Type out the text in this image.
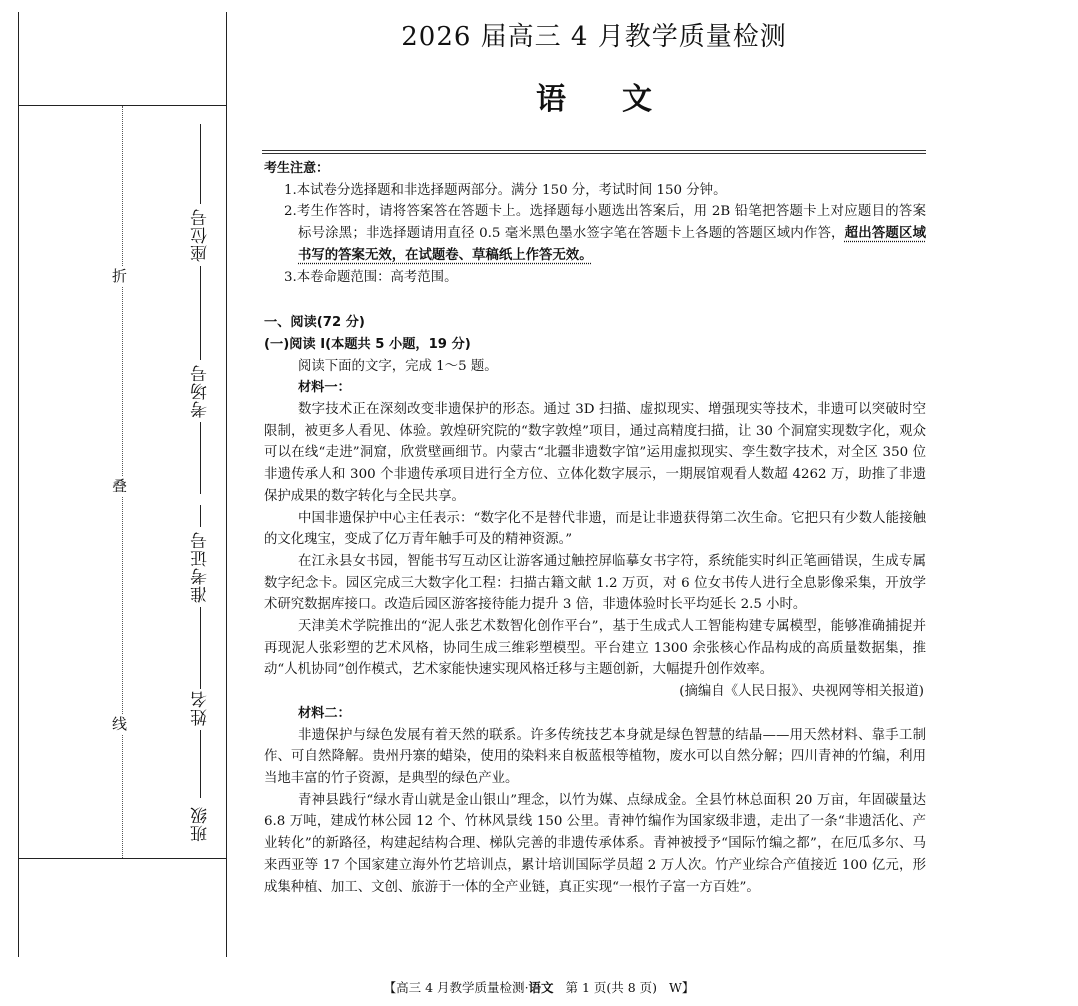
折
叠
线
座位号
考场号
准考证号
姓名
班级
2026 届高三 4 月教学质量检测
语 文

考生注意：

1.本试卷分选择题和非选择题两部分。满分 150 分，考试时间 150 分钟。

2.考生作答时，请将答案答在答题卡上。选择题每小题选出答案后，用 2B 铅笔把答题卡上对应题目的答案标号涂黑；非选择题请用直径 0.5 毫米黑色墨水签字笔在答题卡上各题的答题区域内作答，超出答题区域书写的答案无效，在试题卷、草稿纸上作答无效。

3.本卷命题范围：高考范围。

一、阅读(72 分)

(一)阅读 Ⅰ(本题共 5 小题，19 分)

阅读下面的文字，完成 1～5 题。

材料一：

数字技术正在深刻改变非遗保护的形态。通过 3D 扫描、虚拟现实、增强现实等技术，非遗可以突破时空限制，被更多人看见、体验。敦煌研究院的“数字敦煌”项目，通过高精度扫描，让 30 个洞窟实现数字化，观众可以在线“走进”洞窟，欣赏壁画细节。内蒙古“北疆非遗数字馆”运用虚拟现实、孪生数字技术，对全区 350 位非遗传承人和 300 个非遗传承项目进行全方位、立体化数字展示，一期展馆观看人数超 4262 万，助推了非遗保护成果的数字转化与全民共享。

中国非遗保护中心主任表示：“数字化不是替代非遗，而是让非遗获得第二次生命。它把只有少数人能接触的文化瑰宝，变成了亿万青年触手可及的精神资源。”

在江永县女书园，智能书写互动区让游客通过触控屏临摹女书字符，系统能实时纠正笔画错误，生成专属数字纪念卡。园区完成三大数字化工程：扫描古籍文献 1.2 万页，对 6 位女书传人进行全息影像采集，开放学术研究数据库接口。改造后园区游客接待能力提升 3 倍，非遗体验时长平均延长 2.5 小时。

天津美术学院推出的“泥人张艺术数智化创作平台”，基于生成式人工智能构建专属模型，能够准确捕捉并再现泥人张彩塑的艺术风格，协同生成三维彩塑模型。平台建立 1300 余张核心作品构成的高质量数据集，推动“人机协同”创作模式，艺术家能快速实现风格迁移与主题创新，大幅提升创作效率。

(摘编自《人民日报》、央视网等相关报道)

材料二：

非遗保护与绿色发展有着天然的联系。许多传统技艺本身就是绿色智慧的结晶——用天然材料、靠手工制作、可自然降解。贵州丹寨的蜡染，使用的染料来自板蓝根等植物，废水可以自然分解；四川青神的竹编，利用当地丰富的竹子资源，是典型的绿色产业。

青神县践行“绿水青山就是金山银山”理念，以竹为媒、点绿成金。全县竹林总面积 20 万亩，年固碳量达 6.8 万吨，建成竹林公园 12 个、竹林风景线 150 公里。青神竹编作为国家级非遗，走出了一条“非遗活化、产业转化”的新路径，构建起结构合理、梯队完善的非遗传承体系。青神被授予“国际竹编之都”，在厄瓜多尔、马来西亚等 17 个国家建立海外竹艺培训点，累计培训国际学员超 2 万人次。竹产业综合产值接近 100 亿元，形成集种植、加工、文创、旅游于一体的全产业链，真正实现“一根竹子富一方百姓”。

【高三 4 月教学质量检测·语文 第 1 页(共 8 页) W】
